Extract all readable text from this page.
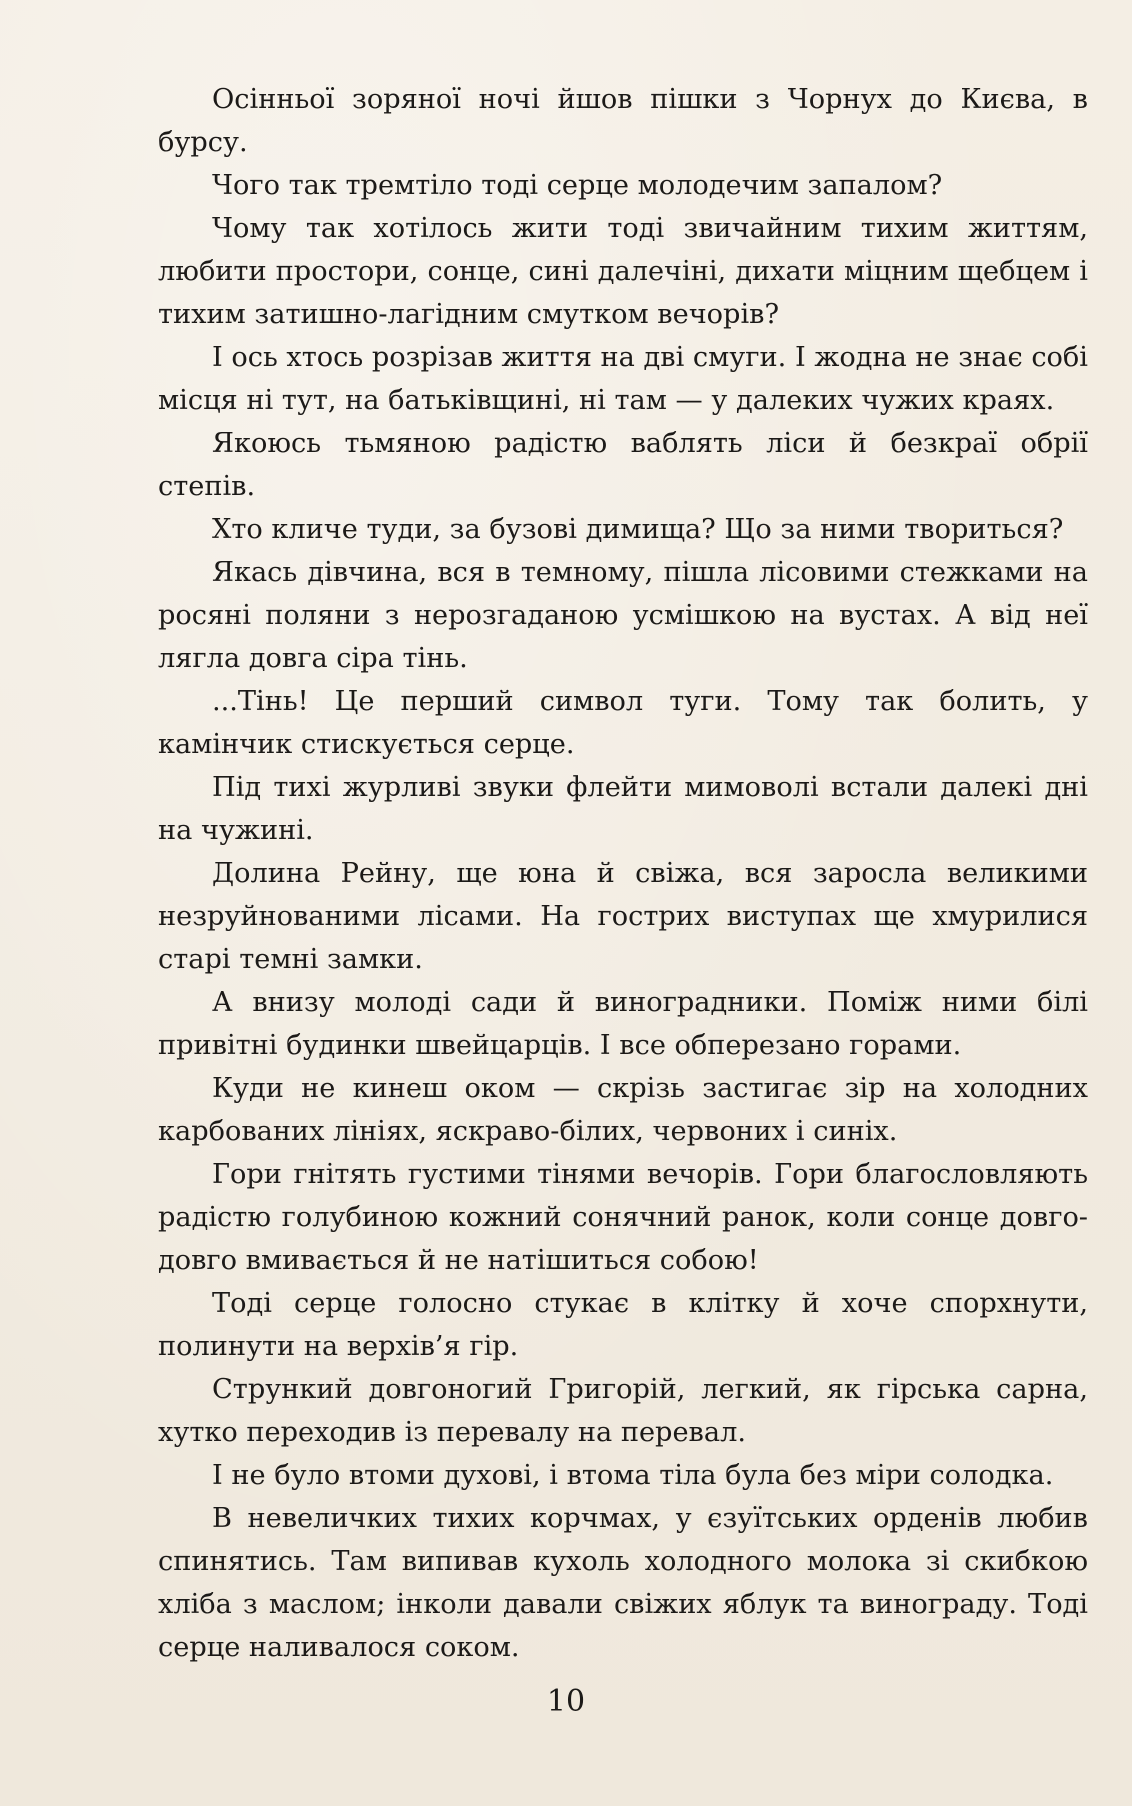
Осінньої зоряної ночі йшов пішки з Чорнух до Києва, в бурсу.

Чого так тремтіло тоді серце молодечим запалом?

Чому так хотілось жити тоді звичайним тихим життям, любити простори, сонце, сині далечіні, дихати міцним щебцем і тихим затишно-лагідним смутком вечорів?

І ось хтось розрізав життя на дві смуги. І жодна не знає собі місця ні тут, на батьківщині, ні там — у далеких чужих краях.

Якоюсь тьмяною радістю ваблять ліси й безкраї обрії степів.

Хто кличе туди, за бузові димища? Що за ними твориться?

Якась дівчина, вся в темному, пішла лісовими стежками на росяні поляни з нерозгаданою усмішкою на вустах. А від неї лягла довга сіра тінь.

...Тінь! Це перший символ туги. Тому так болить, у камінчик стискується серце.

Під тихі журливі звуки флейти мимоволі встали далекі дні на чужині.

Долина Рейну, ще юна й свіжа, вся заросла великими незруйнованими лісами. На гострих виступах ще хмурилися старі темні замки.

А внизу молоді сади й виноградники. Поміж ними білі привітні будинки швейцарців. І все обперезано горами.

Куди не кинеш оком — скрізь застигає зір на холодних карбованих лініях, яскраво-білих, червоних і синіх.

Гори гнітять густими тінями вечорів. Гори благословляють радістю голубиною кожний сонячний ранок, коли сонце довго-довго вмивається й не натішиться собою!

Тоді серце голосно стукає в клітку й хоче спорхнути, полинути на верхів’я гір.

Стрункий довгоногий Григорій, легкий, як гірська сарна, хутко переходив із перевалу на перевал.

І не було втоми духові, і втома тіла була без міри солодка.

В невеличких тихих корчмах, у єзуїтських орденів любив спинятись. Там випивав кухоль холодного молока зі скибкою хліба з маслом; інколи давали свіжих яблук та винограду. Тоді серце наливалося соком.

10
